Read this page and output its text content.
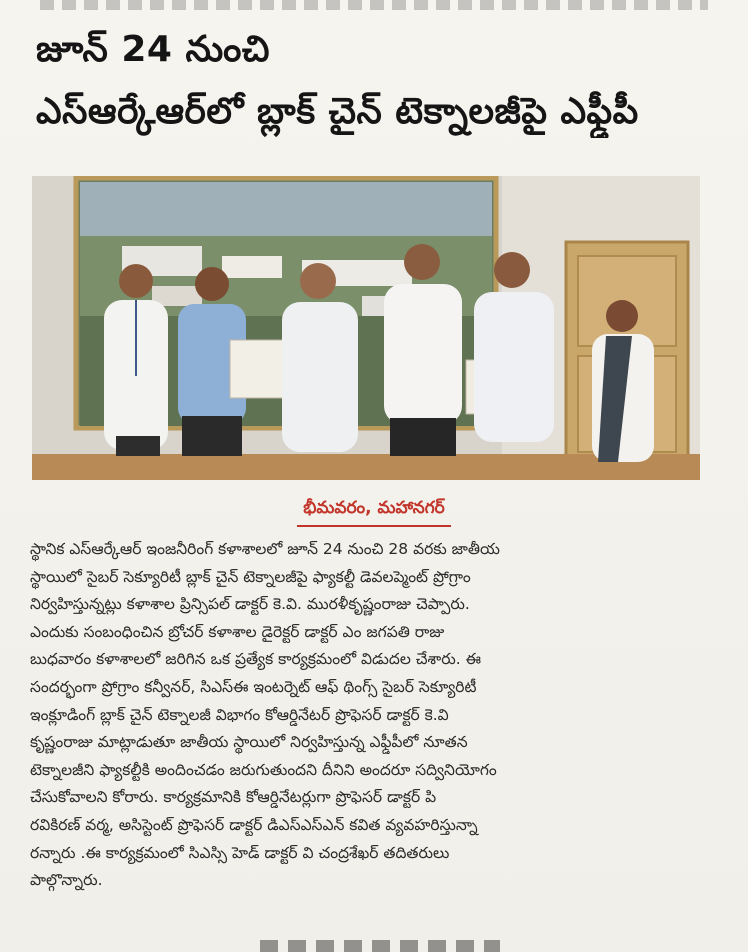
జూన్ 24 నుంచి
ఎస్ఆర్కేఆర్‌లో బ్లాక్ చైన్ టెక్నాలజీపై ఎఫ్డీపీ
భీమవరం, మహానగర్
స్థానిక ఎస్ఆర్కేఆర్ ఇంజనీరింగ్ కళాశాలలో జూన్ 24 నుంచి 28 వరకు జాతీయ
స్థాయిలో సైబర్ సెక్యూరిటీ బ్లాక్ చైన్ టెక్నాలజీపై ఫ్యాకల్టీ డెవలప్మెంట్ ప్రోగ్రాం
నిర్వహిస్తున్నట్లు కళాశాల ప్రిన్సిపల్ డాక్టర్ కె.వి. మురళీకృష్ణంరాజు చెప్పారు.
ఎందుకు సంబంధించిన బ్రోచర్ కళాశాల డైరెక్టర్ డాక్టర్ ఎం జగపతి రాజు
బుధవారం కళాశాలలో జరిగిన ఒక ప్రత్యేక కార్యక్రమంలో విడుదల చేశారు. ఈ
సందర్భంగా ప్రోగ్రాం కన్వీనర్, సిఎస్ఈ ఇంటర్నెట్ ఆఫ్ థింగ్స్ సైబర్ సెక్యూరిటీ
ఇంక్లూడింగ్ బ్లాక్ చైన్ టెక్నాలజీ విభాగం కోఆర్డినేటర్ ప్రొఫెసర్ డాక్టర్ కె.వి
కృష్ణంరాజు మాట్లాడుతూ జాతీయ స్థాయిలో నిర్వహిస్తున్న ఎఫ్డీపీలో నూతన
టెక్నాలజీని ఫ్యాకల్టీకి అందించడం జరుగుతుందని దీనిని అందరూ సద్వినియోగం
చేసుకోవాలని కోరారు. కార్యక్రమానికి కోఆర్డినేటర్లుగా ప్రొఫెసర్ డాక్టర్ పి
రవికిరణ్ వర్మ, అసిస్టెంట్ ప్రొఫెసర్ డాక్టర్ డిఎస్ఎస్ఎన్ కవిత వ్యవహరిస్తున్నా
రన్నారు .ఈ కార్యక్రమంలో సిఎస్సి హెడ్ డాక్టర్ వి చంద్రశేఖర్ తదితరులు
పాల్గొన్నారు.
